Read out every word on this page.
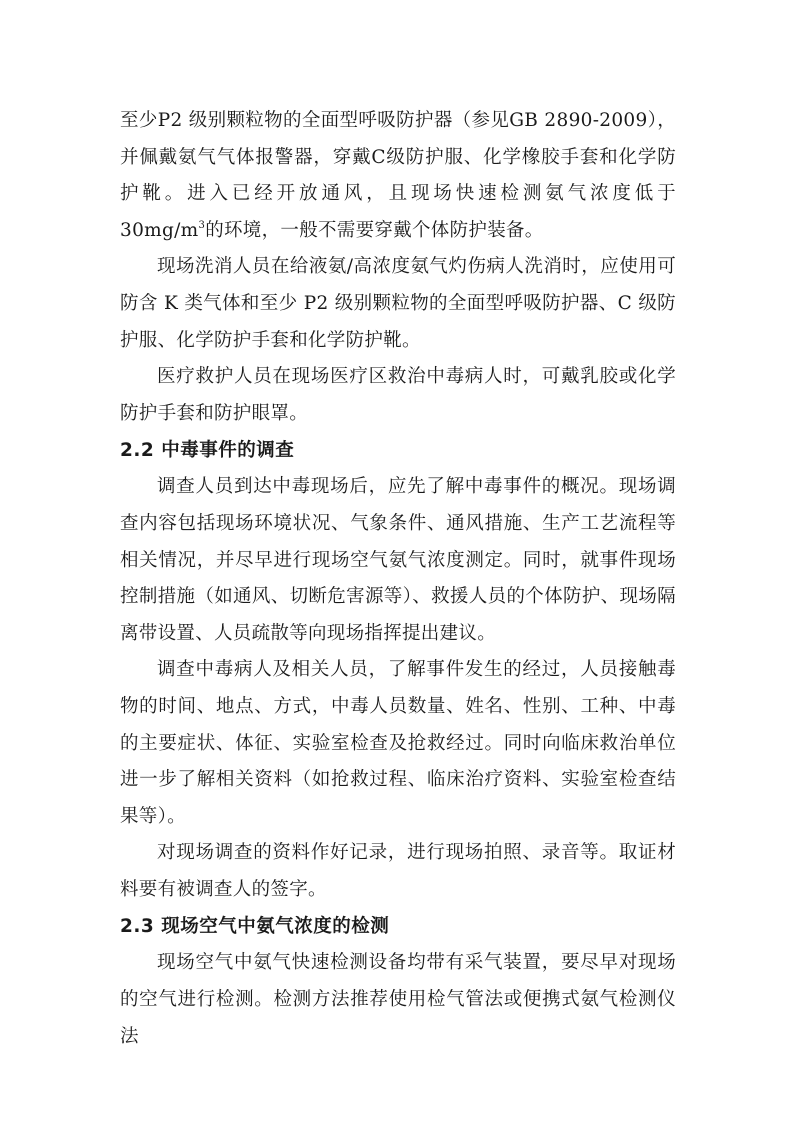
至少P2 级别颗粒物的全面型呼吸防护器（参见GB 2890-2009），并佩戴氨气气体报警器，穿戴C级防护服、化学橡胶手套和化学防护靴。进入已经开放通风，且现场快速检测氨气浓度低于 $30mg/m^3$的环境，一般不需要穿戴个体防护装备。

现场洗消人员在给液氨/高浓度氨气灼伤病人洗消时，应使用可防含 K 类气体和至少 P2 级别颗粒物的全面型呼吸防护器、C 级防护服、化学防护手套和化学防护靴。

医疗救护人员在现场医疗区救治中毒病人时，可戴乳胶或化学防护手套和防护眼罩。

2.2 中毒事件的调查

调查人员到达中毒现场后，应先了解中毒事件的概况。现场调查内容包括现场环境状况、气象条件、通风措施、生产工艺流程等相关情况，并尽早进行现场空气氨气浓度测定。同时，就事件现场控制措施（如通风、切断危害源等）、救援人员的个体防护、现场隔离带设置、人员疏散等向现场指挥提出建议。

调查中毒病人及相关人员，了解事件发生的经过，人员接触毒物的时间、地点、方式，中毒人员数量、姓名、性别、工种、中毒的主要症状、体征、实验室检查及抢救经过。同时向临床救治单位进一步了解相关资料（如抢救过程、临床治疗资料、实验室检查结果等）。

对现场调查的资料作好记录，进行现场拍照、录音等。取证材料要有被调查人的签字。

2.3 现场空气中氨气浓度的检测

现场空气中氨气快速检测设备均带有采气装置，要尽早对现场的空气进行检测。检测方法推荐使用检气管法或便携式氨气检测仪法
